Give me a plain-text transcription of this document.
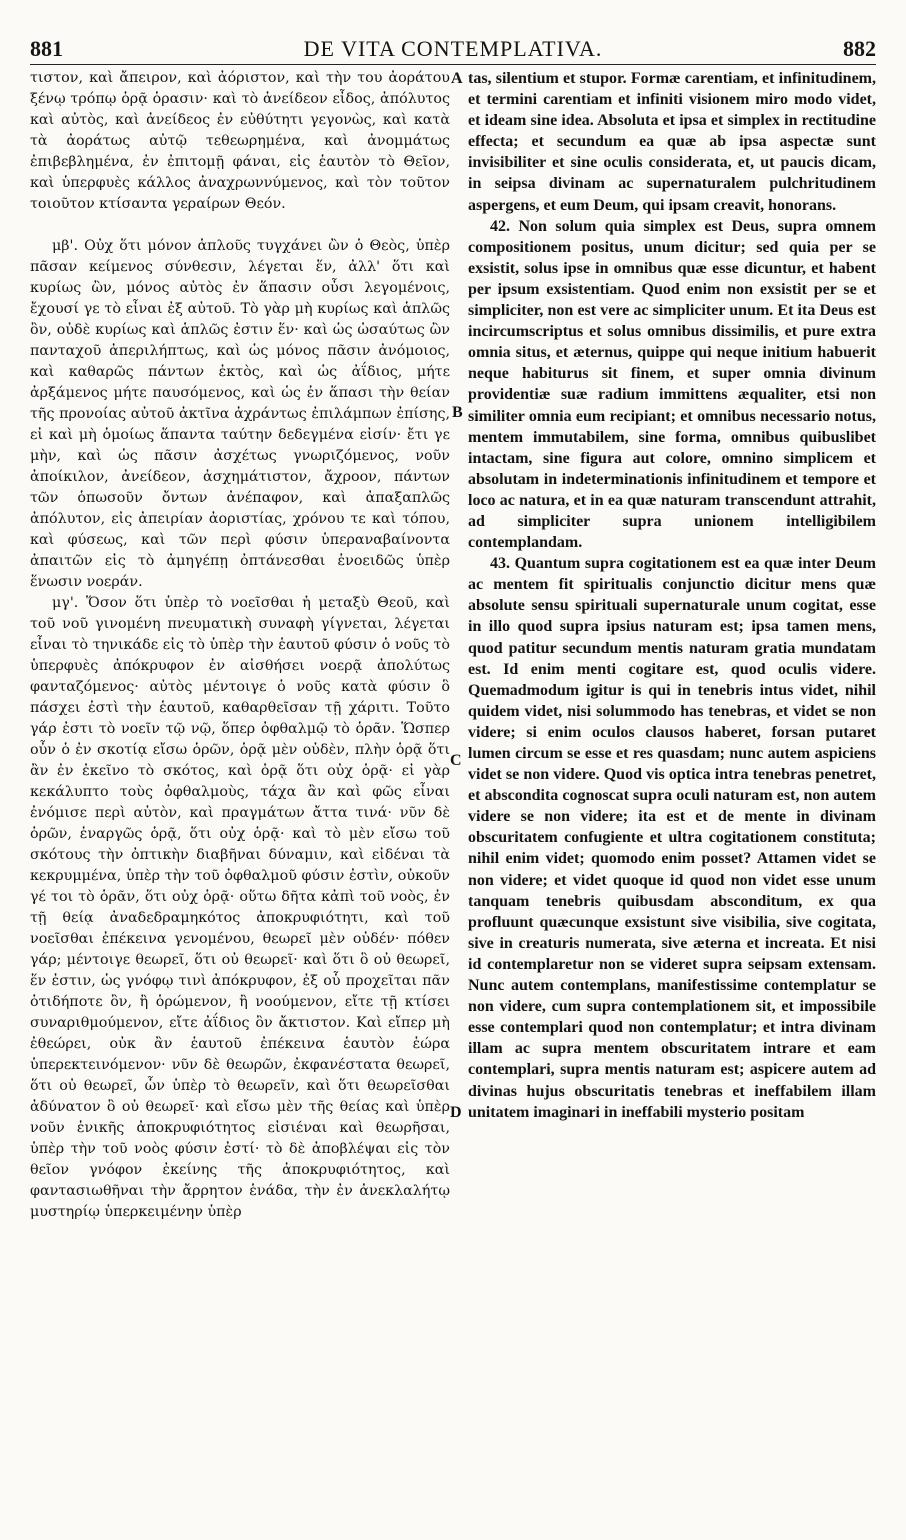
881	DE VITA CONTEMPLATIVA.	882

τιστον, καὶ ἄπειρον, καὶ ἀόριστον, καὶ τὴν του ἀοράτου ξένῳ τρόπῳ ὁρᾷ ὁρασιν· καὶ τὸ ἀνείδεον εἶδος, ἀπόλυτος καὶ αὐτὸς, καὶ ἀνείδεος ἐν εὐθύτητι γεγονὼς, καὶ κατὰ τὰ ἀοράτως αὐτῷ τεθεωρημένα, καὶ ἀνομμάτως ἐπιβεβλημένα, ἐν ἐπιτομῇ φάναι, εἰς ἑαυτὸν τὸ Θεῖον, καὶ ὑπερφυὲς κάλλος ἀναχρωννύμενος, καὶ τὸν τοῦτον τοιοῦτον κτίσαντα γεραίρων Θεόν.

μβ'. Οὐχ ὅτι μόνον ἁπλοῦς τυγχάνει ὢν ὁ Θεὸς, ὑπὲρ πᾶσαν κείμενος σύνθεσιν, λέγεται ἕν, ἀλλ' ὅτι καὶ κυρίως ὢν, μόνος αὐτὸς ἐν ἅπασιν οὖσι λεγομένοις, ἔχουσί γε τὸ εἶναι ἐξ αὐτοῦ. Τὸ γὰρ μὴ κυρίως καὶ ἁπλῶς ὂν, οὐδὲ κυρίως καὶ ἁπλῶς ἐστιν ἕν· καὶ ὡς ὡσαύτως ὢν πανταχοῦ ἀπεριλήπτως, καὶ ὡς μόνος πᾶσιν ἀνόμοιος, καὶ καθαρῶς πάντων ἐκτὸς, καὶ ὡς ἀΐδιος, μήτε ἀρξάμενος μήτε παυσόμενος, καὶ ὡς ἐν ἅπασι τὴν θείαν τῆς προνοίας αὐτοῦ ἀκτῖνα ἀχράντως ἐπιλάμπων ἐπίσης, εἰ καὶ μὴ ὁμοίως ἅπαντα ταύτην δεδεγμένα εἰσίν· ἔτι γε μὴν, καὶ ὡς πᾶσιν ἀσχέτως γνωριζόμενος, νοῦν ἀποίκιλον, ἀνείδεον, ἀσχημάτιστον, ἄχροον, πάντων τῶν ὁπωσοῦν ὄντων ἀνέπαφον, καὶ ἀπαξαπλῶς ἀπόλυτον, εἰς ἀπειρίαν ἀοριστίας, χρόνου τε καὶ τόπου, καὶ φύσεως, καὶ τῶν περὶ φύσιν ὑπεραναβαίνοντα ἀπαιτῶν εἰς τὸ ἀμηγέπῃ ὀπτάνεσθαι ἑνοειδῶς ὑπὲρ ἕνωσιν νοεράν.

μγ'. Ὅσον ὅτι ὑπὲρ τὸ νοεῖσθαι ἡ μεταξὺ Θεοῦ, καὶ τοῦ νοῦ γινομένη πνευματικὴ συναφὴ γίγνεται, λέγεται εἶναι τὸ τηνικάδε εἰς τὸ ὑπὲρ τὴν ἑαυτοῦ φύσιν ὁ νοῦς τὸ ὑπερφυὲς ἀπόκρυφον ἐν αἰσθήσει νοερᾷ ἀπολύτως φανταζόμενος· αὐτὸς μέντοιγε ὁ νοῦς κατὰ φύσιν ὃ πάσχει ἐστὶ τὴν ἑαυτοῦ, καθαρθεῖσαν τῇ χάριτι. Τοῦτο γάρ ἐστι τὸ νοεῖν τῷ νῷ, ὅπερ ὀφθαλμῷ τὸ ὁρᾶν. Ὥσπερ οὖν ὁ ἐν σκοτίᾳ εἴσω ὁρῶν, ὁρᾷ μὲν οὐδὲν, πλὴν ὁρᾷ ὅτι ἂν ἐν ἐκεῖνο τὸ σκότος, καὶ ὁρᾷ ὅτι οὐχ ὁρᾷ· εἰ γὰρ κεκάλυπτο τοὺς ὀφθαλμοὺς, τάχα ἂν καὶ φῶς εἶναι ἐνόμισε περὶ αὐτὸν, καὶ πραγμάτων ἄττα τινά· νῦν δὲ ὁρῶν, ἐναργῶς ὁρᾷ, ὅτι οὐχ ὁρᾷ· καὶ τὸ μὲν εἴσω τοῦ σκότους τὴν ὀπτικὴν διαβῆναι δύναμιν, καὶ εἰδέναι τὰ κεκρυμμένα, ὑπὲρ τὴν τοῦ ὀφθαλμοῦ φύσιν ἐστὶν, οὐκοῦν γέ τοι τὸ ὁρᾶν, ὅτι οὐχ ὁρᾷ· οὕτω δῆτα κἀπὶ τοῦ νοὸς, ἐν τῇ θείᾳ ἀναδεδραμηκότος ἀποκρυφιότητι, καὶ τοῦ νοεῖσθαι ἐπέκεινα γενομένου, θεωρεῖ μὲν οὐδέν· πόθεν γάρ; μέντοιγε θεωρεῖ, ὅτι οὐ θεωρεῖ· καὶ ὅτι ὃ οὐ θεωρεῖ, ἕν ἐστιν, ὡς γνόφῳ τινὶ ἀπόκρυφον, ἐξ οὗ προχεῖται πᾶν ὁτιδήποτε ὂν, ἢ ὁρώμενον, ἢ νοούμενον, εἴτε τῇ κτίσει συναριθμούμενον, εἴτε ἀΐδιος ὂν ἄκτιστον. Καὶ εἴπερ μὴ ἐθεώρει, οὐκ ἂν ἑαυτοῦ ἐπέκεινα ἑαυτὸν ἑώρα ὑπερεκτεινόμενον· νῦν δὲ θεωρῶν, ἐκφανέστατα θεωρεῖ, ὅτι οὐ θεωρεῖ, ὧν ὑπὲρ τὸ θεωρεῖν, καὶ ὅτι θεωρεῖσθαι ἀδύνατον ὃ οὐ θεωρεῖ· καὶ εἴσω μὲν τῆς θείας καὶ ὑπὲρ νοῦν ἑνικῆς ἀποκρυφιότητος εἰσιέναι καὶ θεωρῆσαι, ὑπὲρ τὴν τοῦ νοὸς φύσιν ἐστί· τὸ δὲ ἀποβλέψαι εἰς τὸν θεῖον γνόφον ἐκείνης τῆς ἀποκρυφιότητος, καὶ φαντασιωθῆναι τὴν ἄρρητον ἑνάδα, τὴν ἐν ἀνεκλαλήτῳ μυστηρίῳ ὑπερκειμένην ὑπὲρ

tas, silentium et stupor. Formæ carentiam, et infinitudinem, et termini carentiam et infiniti visionem miro modo videt, et ideam sine idea. Absoluta et ipsa et simplex in rectitudine effecta; et secundum ea quæ ab ipsa aspectæ sunt invisibiliter et sine oculis considerata, et, ut paucis dicam, in seipsa divinam ac supernaturalem pulchritudinem aspergens, et eum Deum, qui ipsam creavit, honorans.

42. Non solum quia simplex est Deus, supra omnem compositionem positus, unum dicitur; sed quia per se exsistit, solus ipse in omnibus quæ esse dicuntur, et habent per ipsum exsistentiam. Quod enim non exsistit per se et simpliciter, non est vere ac simpliciter unum. Et ita Deus est incircumscriptus et solus omnibus dissimilis, et pure extra omnia situs, et æternus, quippe qui neque initium habuerit neque habiturus sit finem, et super omnia divinum providentiæ suæ radium immittens æqualiter, etsi non similiter omnia eum recipiant; et omnibus necessario notus, mentem immutabilem, sine forma, omnibus quibuslibet intactam, sine figura aut colore, omnino simplicem et absolutam in indeterminationis infinitudinem et tempore et loco ac natura, et in ea quæ naturam transcendunt attrahit, ad simpliciter supra unionem intelligibilem contemplandam.

43. Quantum supra cogitationem est ea quæ inter Deum ac mentem fit spiritualis conjunctio dicitur mens quæ absolute sensu spirituali supernaturale unum cogitat, esse in illo quod supra ipsius naturam est; ipsa tamen mens, quod patitur secundum mentis naturam gratia mundatam est. Id enim menti cogitare est, quod oculis videre. Quemadmodum igitur is qui in tenebris intus videt, nihil quidem videt, nisi solummodo has tenebras, et videt se non videre; si enim oculos clausos haberet, forsan putaret lumen circum se esse et res quasdam; nunc autem aspiciens videt se non videre. Quod vis optica intra tenebras penetret, et abscondita cognoscat supra oculi naturam est, non autem videre se non videre; ita est et de mente in divinam obscuritatem confugiente et ultra cogitationem constituta; nihil enim videt; quomodo enim posset? Attamen videt se non videre; et videt quoque id quod non videt esse unum tanquam tenebris quibusdam absconditum, ex qua profluunt quæcunque exsistunt sive visibilia, sive cogitata, sive in creaturis numerata, sive æterna et increata. Et nisi id contemplaretur non se videret supra seipsam extensam. Nunc autem contemplans, manifestissime contemplatur se non videre, cum supra contemplationem sit, et impossibile esse contemplari quod non contemplatur; et intra divinam illam ac supra mentem obscuritatem intrare et eam contemplari, supra mentis naturam est; aspicere autem ad divinas hujus obscuritatis tenebras et ineffabilem illam unitatem imaginari in ineffabili mysterio positam

A
B
C
D
